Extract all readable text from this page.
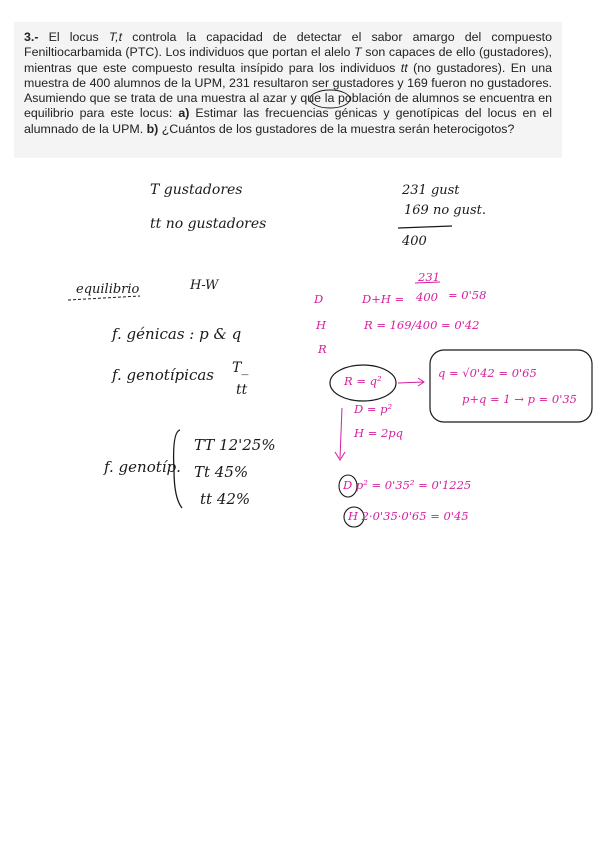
3.- El locus T,t controla la capacidad de detectar el sabor amargo del compuesto Feniltiocarbamida (PTC). Los individuos que portan el alelo T son capaces de ello (gustadores), mientras que este compuesto resulta insípido para los individuos tt (no gustadores). En una muestra de 400 alumnos de la UPM, 231 resultaron ser gustadores y 169 fueron no gustadores. Asumiendo que se trata de una muestra al azar y que la población de alumnos se encuentra en equilibrio para este locus: a) Estimar las frecuencias génicas y genotípicas del locus en el alumnado de la UPM. b) ¿Cuántos de los gustadores de la muestra serán heterocigotos?
T gustadores
tt no gustadores
231 gust
169 no gust.
400
equilibrio	H-W
f. génicas : p & q
f. genotípicas T_
tt
f. genotíp.
TT 12'25%
Tt 45%
tt 42%
D
H
R
231
D+H = 400 = 0'58
R = 169/400 = 0'42
R = q²
q = √0'42 = 0'65
p+q = 1 → p = 0'35
D = p²
H = 2pq
D p² = 0'35² = 0'1225
H 2·0'35·0'65 = 0'45
